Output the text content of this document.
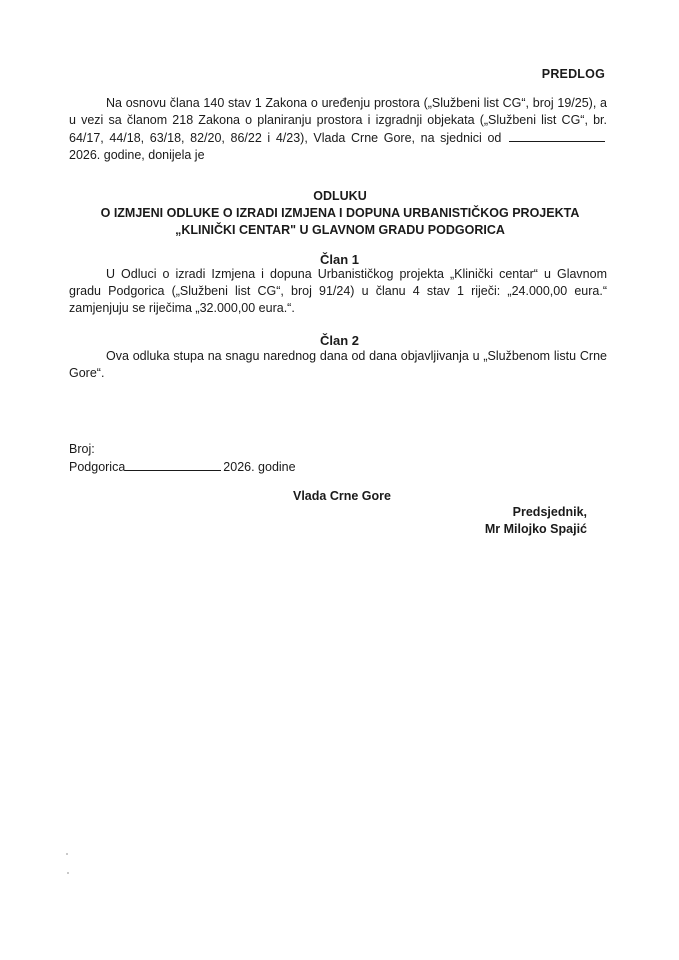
PREDLOG
Na osnovu člana 140 stav 1 Zakona o uređenju prostora („Službeni list CG“, broj 19/25), a u vezi sa članom 218 Zakona o planiranju prostora i izgradnji objekata („Službeni list CG“, br. 64/17, 44/18, 63/18, 82/20, 86/22 i 4/23), Vlada Crne Gore, na sjednici od  2026. godine, donijela je
ODLUKU
O IZMJENI ODLUKE O IZRADI IZMJENA I DOPUNA URBANISTIČKOG PROJEKTA
„KLINIČKI CENTAR" U GLAVNOM GRADU PODGORICA
Član 1
U Odluci o izradi Izmjena i dopuna Urbanističkog projekta „Klinički centar“ u Glavnom gradu Podgorica („Službeni list CG“, broj 91/24) u članu 4 stav 1 riječi: „24.000,00 eura.“ zamjenjuju se riječima „32.000,00 eura.“.
Član 2
Ova odluka stupa na snagu narednog dana od dana objavljivanja u „Službenom listu Crne Gore“.
Broj:
Podgorica	2026. godine
Vlada Crne Gore
Predsjednik,
Mr Milojko Spajić
